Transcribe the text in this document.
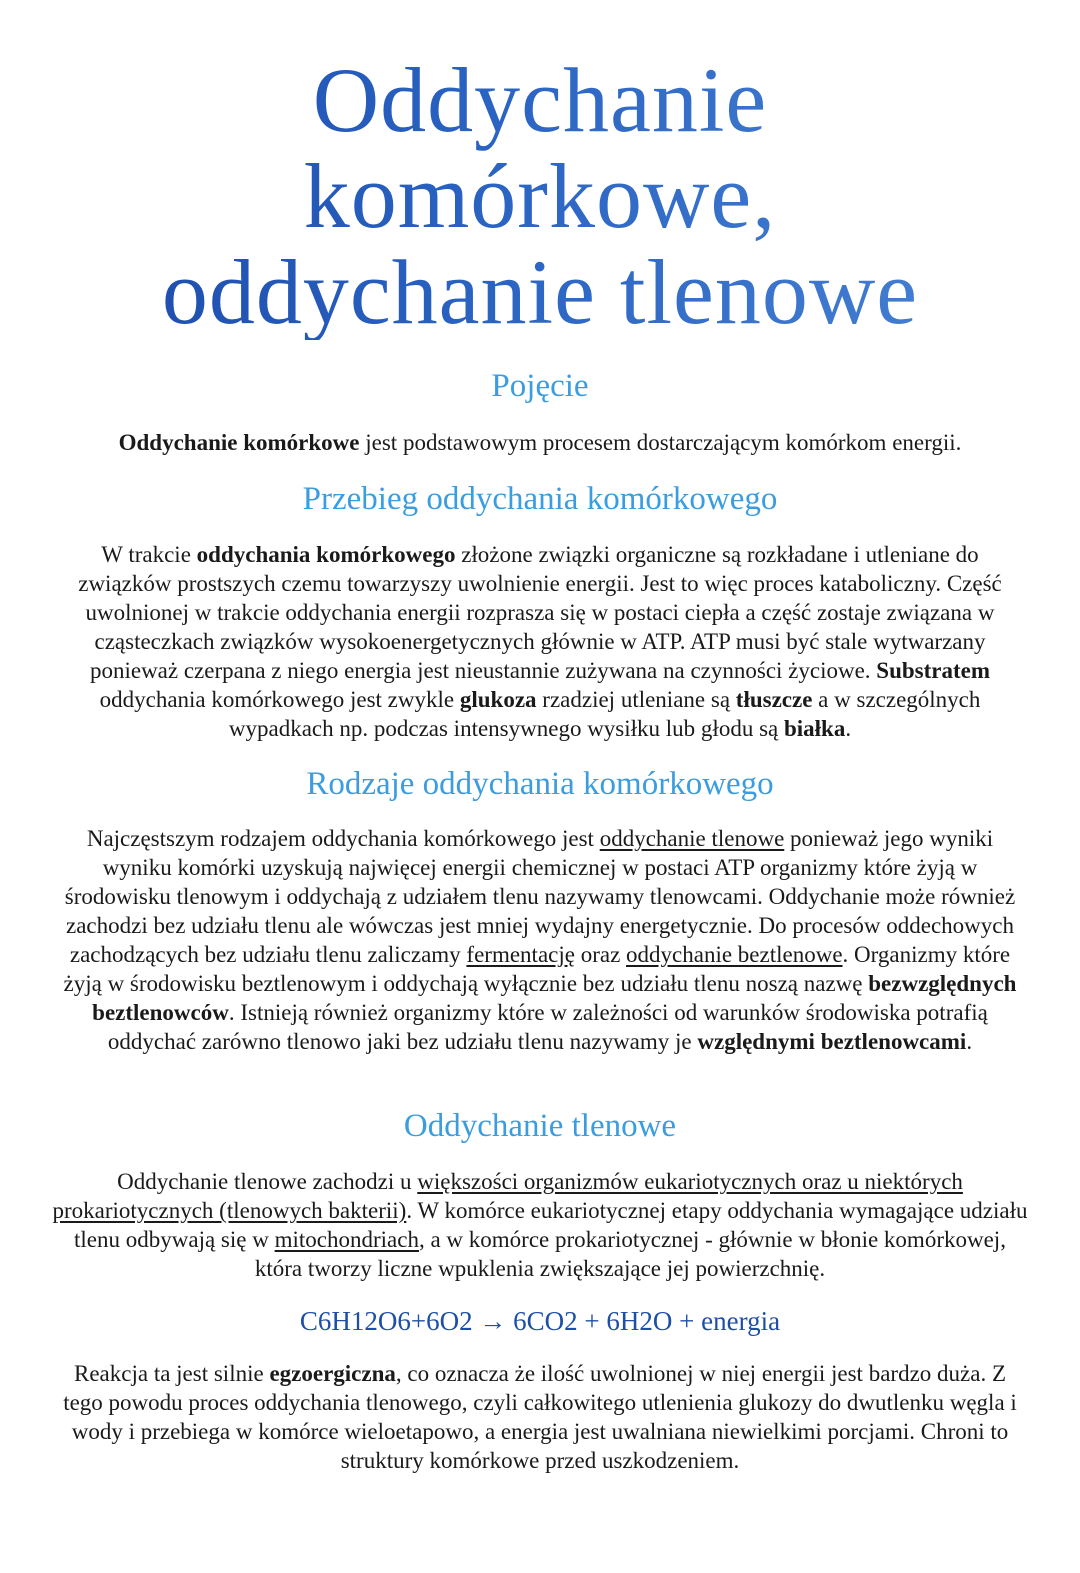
Oddychanie
komórkowe,
oddychanie tlenowe
Pojęcie

Oddychanie komórkowe jest podstawowym procesem dostarczającym komórkom energii.

Przebieg oddychania komórkowego

W trakcie oddychania komórkowego złożone związki organiczne są rozkładane i utleniane do związków prostszych czemu towarzyszy uwolnienie energii. Jest to więc proces kataboliczny. Część uwolnionej w trakcie oddychania energii rozprasza się w postaci ciepła a część zostaje związana w cząsteczkach związków wysokoenergetycznych głównie w ATP. ATP musi być stale wytwarzany ponieważ czerpana z niego energia jest nieustannie zużywana na czynności życiowe. Substratem oddychania komórkowego jest zwykle glukoza rzadziej utleniane są tłuszcze a w szczególnych wypadkach np. podczas intensywnego wysiłku lub głodu są białka.

Rodzaje oddychania komórkowego

Najczęstszym rodzajem oddychania komórkowego jest oddychanie tlenowe ponieważ jego wyniki wyniku komórki uzyskują najwięcej energii chemicznej w postaci ATP organizmy które żyją w środowisku tlenowym i oddychają z udziałem tlenu nazywamy tlenowcami. Oddychanie może również zachodzi bez udziału tlenu ale wówczas jest mniej wydajny energetycznie. Do procesów oddechowych zachodzących bez udziału tlenu zaliczamy fermentację oraz oddychanie beztlenowe. Organizmy które żyją w środowisku beztlenowym i oddychają wyłącznie bez udziału tlenu noszą nazwę bezwzględnych beztlenowców. Istnieją również organizmy które w zależności od warunków środowiska potrafią oddychać zarówno tlenowo jaki bez udziału tlenu nazywamy je względnymi beztlenowcami.

Oddychanie tlenowe

Oddychanie tlenowe zachodzi u większości organizmów eukariotycznych oraz u niektórych prokariotycznych (tlenowych bakterii). W komórce eukariotycznej etapy oddychania wymagające udziału tlenu odbywają się w mitochondriach, a w komórce prokariotycznej - głównie w błonie komórkowej, która tworzy liczne wpuklenia zwiększające jej powierzchnię.

C6H12O6+6O2 → 6CO2 + 6H2O + energia

Reakcja ta jest silnie egzoergiczna, co oznacza że ilość uwolnionej w niej energii jest bardzo duża. Z tego powodu proces oddychania tlenowego, czyli całkowitego utlenienia glukozy do dwutlenku węgla i wody i przebiega w komórce wieloetapowo, a energia jest uwalniana niewielkimi porcjami. Chroni to struktury komórkowe przed uszkodzeniem.
